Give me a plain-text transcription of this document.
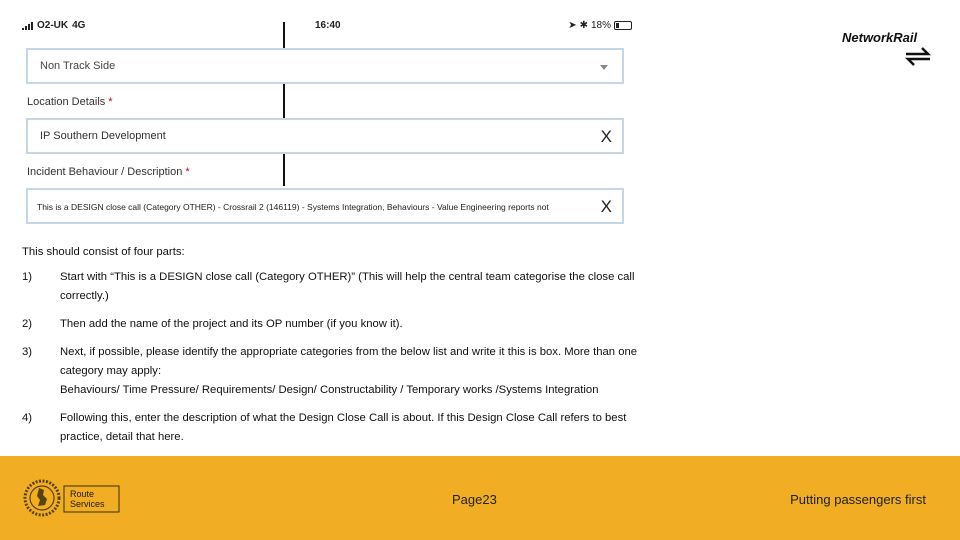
O2-UK 4G	16:40	➤ ✱ 18%
Non Track Side
Location Details *
IP Southern Development	X
Incident Behaviour / Description *
This is a DESIGN close call (Category OTHER) - Crossrail 2 (146119) - Systems Integration, Behaviours - Value Engineering reports not	X

This should consist of four parts:

1)	Start with “This is a DESIGN close call (Category OTHER)” (This will help the central team categorise the close call correctly.)
2)	Then add the name of the project and its OP number (if you know it).
3)	Next, if possible, please identify the appropriate categories from the below list and write it this is box. More than one category may apply:
Behaviours/ Time Pressure/ Requirements/ Design/ Constructability / Temporary works /Systems Integration
4)	Following this, enter the description of what the Design Close Call is about. If this Design Close Call refers to best practice, detail that here.
NetworkRail
Route
Services	Page23	Putting passengers first
